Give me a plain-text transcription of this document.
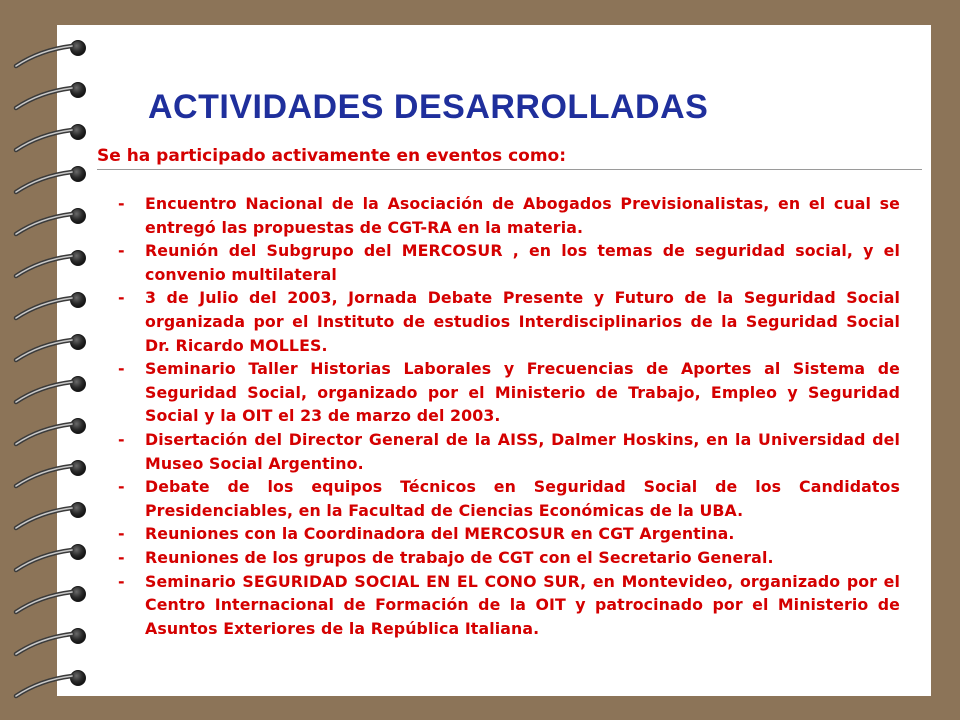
ACTIVIDADES DESARROLLADAS

Se ha participado activamente en eventos como:

- Encuentro Nacional de la Asociación de Abogados Previsionalistas, en el cual se entregó las propuestas de CGT-RA en la materia.
- Reunión del Subgrupo del MERCOSUR , en los temas de seguridad social, y el convenio multilateral
- 3 de Julio del 2003, Jornada Debate Presente y Futuro de la Seguridad Social organizada por el Instituto de estudios Interdisciplinarios de la Seguridad Social Dr. Ricardo MOLLES.
- Seminario Taller Historias Laborales y Frecuencias de Aportes al Sistema de Seguridad Social, organizado por el Ministerio de Trabajo, Empleo y Seguridad Social y la OIT el 23 de marzo del 2003.
- Disertación del Director General de la AISS, Dalmer Hoskins, en la Universidad del Museo Social Argentino.
- Debate de los equipos Técnicos en Seguridad Social de los Candidatos Presidenciables, en la Facultad de Ciencias Económicas de la UBA.
- Reuniones con la Coordinadora del MERCOSUR en CGT Argentina.
- Reuniones de los grupos de trabajo de CGT con el Secretario General.
- Seminario SEGURIDAD SOCIAL EN EL CONO SUR, en Montevideo, organizado por el Centro Internacional de Formación de la OIT y patrocinado por el Ministerio de Asuntos Exteriores de la República Italiana.
